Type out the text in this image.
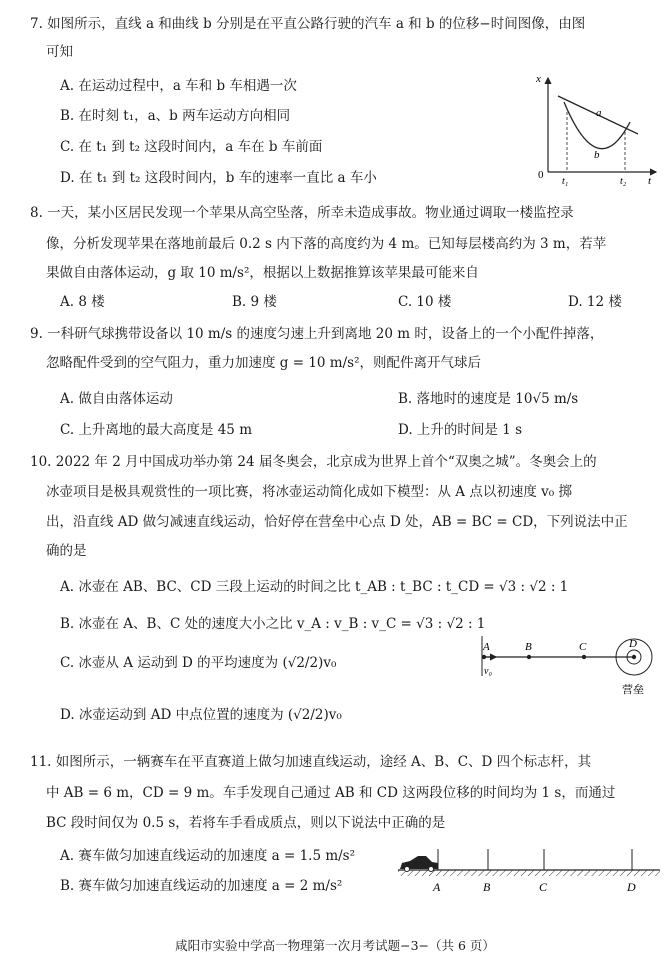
7. 如图所示，直线 a 和曲线 b 分别是在平直公路行驶的汽车 a 和 b 的位移−时间图像，由图
可知
A. 在运动过程中，a 车和 b 车相遇一次
B. 在时刻 t₁，a、b 两车运动方向相同
C. 在 t₁ 到 t₂ 这段时间内，a 车在 b 车前面
D. 在 t₁ 到 t₂ 这段时间内，b 车的速率一直比 a 车小
x
t
0
a
b
t₁	t₂
8. 一天，某小区居民发现一个苹果从高空坠落，所幸未造成事故。物业通过调取一楼监控录
像，分析发现苹果在落地前最后 0.2 s 内下落的高度约为 4 m。已知每层楼高约为 3 m，若苹
果做自由落体运动，g 取 10 m/s²，根据以上数据推算该苹果最可能来自
A. 8 楼	B. 9 楼	C. 10 楼	D. 12 楼
9. 一科研气球携带设备以 10 m/s 的速度匀速上升到离地 20 m 时，设备上的一个小配件掉落，
忽略配件受到的空气阻力，重力加速度 g = 10 m/s²，则配件离开气球后
A. 做自由落体运动	B. 落地时的速度是 10√5 m/s
C. 上升离地的最大高度是 45 m	D. 上升的时间是 1 s
10. 2022 年 2 月中国成功举办第 24 届冬奥会，北京成为世界上首个“双奥之城”。冬奥会上的
冰壶项目是极具观赏性的一项比赛，将冰壶运动简化成如下模型：从 A 点以初速度 v₀ 掷
出，沿直线 AD 做匀减速直线运动，恰好停在营垒中心点 D 处，AB = BC = CD，下列说法中正
确的是
A. 冰壶在 AB、BC、CD 三段上运动的时间之比 t_AB : t_BC : t_CD = √3 : √2 : 1
B. 冰壶在 A、B、C 处的速度大小之比 v_A : v_B : v_C = √3 : √2 : 1
C. 冰壶从 A 运动到 D 的平均速度为 (√2/2)v₀
D. 冰壶运动到 AD 中点位置的速度为 (√2/2)v₀
A	B	C	D
v₀
营垒
11. 如图所示，一辆赛车在平直赛道上做匀加速直线运动，途经 A、B、C、D 四个标志杆，其
中 AB = 6 m，CD = 9 m。车手发现自己通过 AB 和 CD 这两段位移的时间均为 1 s，而通过
BC 段时间仅为 0.5 s，若将车手看成质点，则以下说法中正确的是
A. 赛车做匀加速直线运动的加速度 a = 1.5 m/s²
B. 赛车做匀加速直线运动的加速度 a = 2 m/s²	A	B	C	D
咸阳市实验中学高一物理第一次月考试题−3−（共 6 页）
